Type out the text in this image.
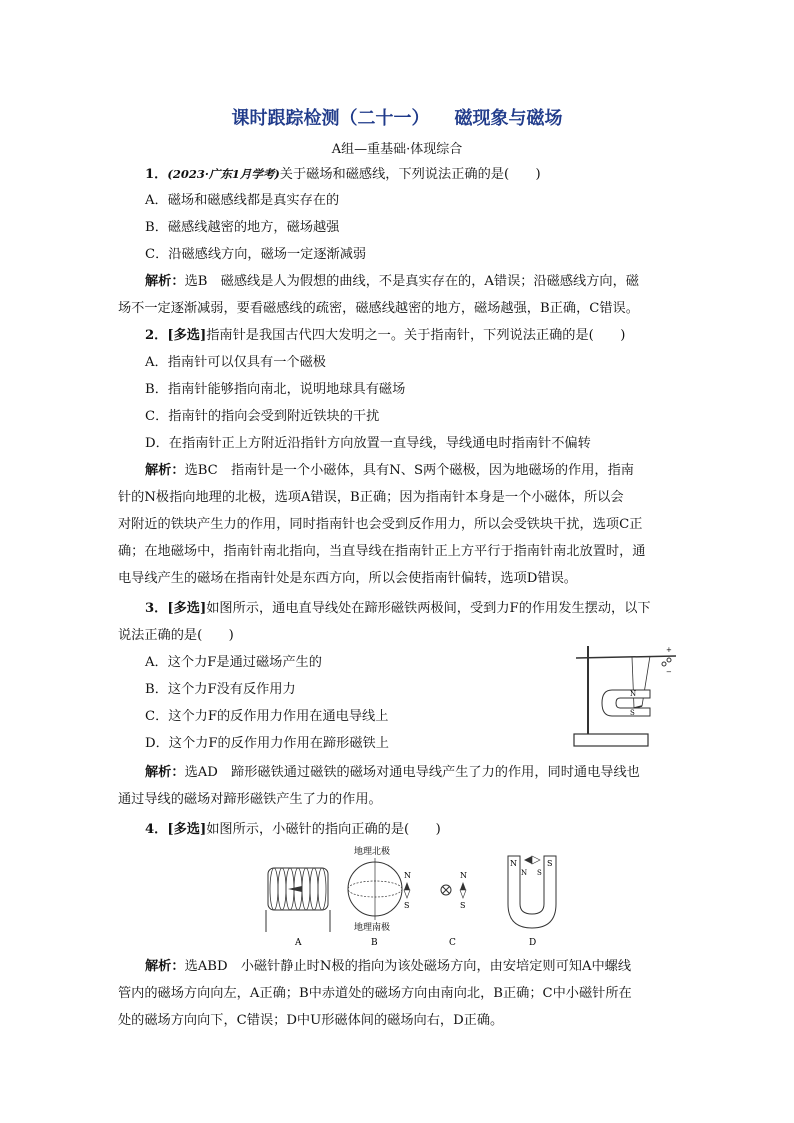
课时跟踪检测（二十一）    磁现象与磁场
A组—重基础·体现综合
1．(2023·广东1月学考)关于磁场和磁感线，下列说法正确的是(　　)
A．磁场和磁感线都是真实存在的
B．磁感线越密的地方，磁场越强
C．沿磁感线方向，磁场一定逐渐减弱
解析：选B　磁感线是人为假想的曲线，不是真实存在的，A错误；沿磁感线方向，磁
场不一定逐渐减弱，要看磁感线的疏密，磁感线越密的地方，磁场越强，B正确，C错误。
2．[多选]指南针是我国古代四大发明之一。关于指南针，下列说法正确的是(　　)
A．指南针可以仅具有一个磁极
B．指南针能够指向南北，说明地球具有磁场
C．指南针的指向会受到附近铁块的干扰
D．在指南针正上方附近沿指针方向放置一直导线，导线通电时指南针不偏转
解析：选BC　指南针是一个小磁体，具有N、S两个磁极，因为地磁场的作用，指南
针的N极指向地理的北极，选项A错误，B正确；因为指南针本身是一个小磁体，所以会
对附近的铁块产生力的作用，同时指南针也会受到反作用力，所以会受铁块干扰，选项C正
确；在地磁场中，指南针南北指向，当直导线在指南针正上方平行于指南针南北放置时，通
电导线产生的磁场在指南针处是东西方向，所以会使指南针偏转，选项D错误。
3．[多选]如图所示，通电直导线处在蹄形磁铁两极间，受到力F的作用发生摆动，以下
说法正确的是(　　)
A．这个力F是通过磁场产生的
B．这个力F没有反作用力
C．这个力F的反作用力作用在通电导线上
D．这个力F的反作用力作用在蹄形磁铁上
解析：选AD　蹄形磁铁通过磁铁的磁场对通电导线产生了力的作用，同时通电导线也
通过导线的磁场对蹄形磁铁产生了力的作用。
N
S
+
−
4．[多选]如图所示，小磁针的指向正确的是(　　)
A
地理北极
N
S
地理南极
B
N
S
C
N	S
N S
D
解析：选ABD　小磁针静止时N极的指向为该处磁场方向，由安培定则可知A中螺线
管内的磁场方向向左，A正确；B中赤道处的磁场方向由南向北，B正确；C中小磁针所在
处的磁场方向向下，C错误；D中U形磁体间的磁场向右，D正确。
